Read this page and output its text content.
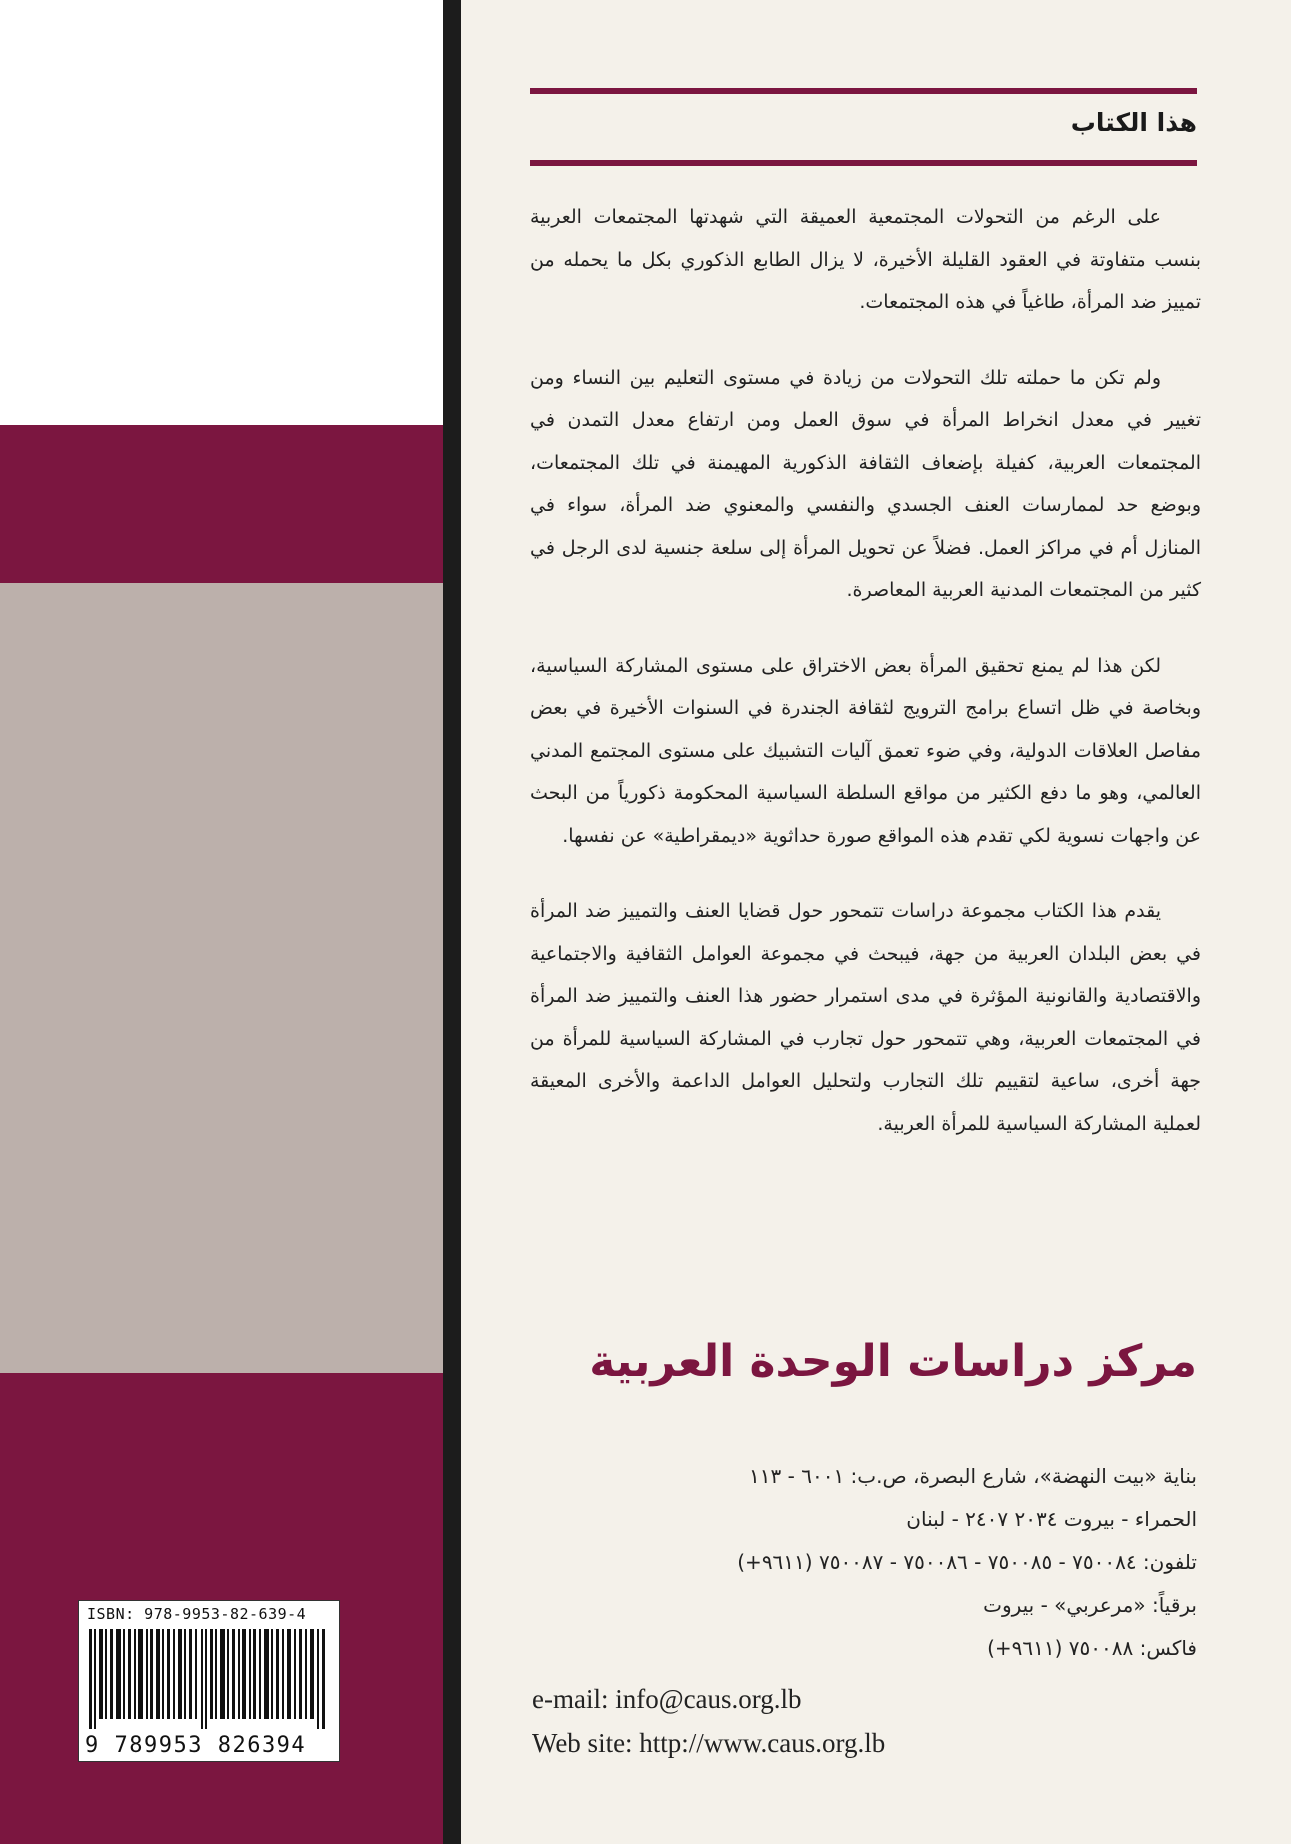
ISBN: 978-9953-82-639-4
9 789953 826394
هذا الكتاب

على الرغم من التحولات المجتمعية العميقة التي شهدتها المجتمعات العربية بنسب متفاوتة في العقود القليلة الأخيرة، لا يزال الطابع الذكوري بكل ما يحمله من تمييز ضد المرأة، طاغياً في هذه المجتمعات.

ولم تكن ما حملته تلك التحولات من زيادة في مستوى التعليم بين النساء ومن تغيير في معدل انخراط المرأة في سوق العمل ومن ارتفاع معدل التمدن في المجتمعات العربية، كفيلة بإضعاف الثقافة الذكورية المهيمنة في تلك المجتمعات، وبوضع حد لممارسات العنف الجسدي والنفسي والمعنوي ضد المرأة، سواء في المنازل أم في مراكز العمل. فضلاً عن تحويل المرأة إلى سلعة جنسية لدى الرجل في كثير من المجتمعات المدنية العربية المعاصرة.

لكن هذا لم يمنع تحقيق المرأة بعض الاختراق على مستوى المشاركة السياسية، وبخاصة في ظل اتساع برامج الترويج لثقافة الجندرة في السنوات الأخيرة في بعض مفاصل العلاقات الدولية، وفي ضوء تعمق آليات التشبيك على مستوى المجتمع المدني العالمي، وهو ما دفع الكثير من مواقع السلطة السياسية المحكومة ذكورياً من البحث عن واجهات نسوية لكي تقدم هذه المواقع صورة حداثوية «ديمقراطية» عن نفسها.

يقدم هذا الكتاب مجموعة دراسات تتمحور حول قضايا العنف والتمييز ضد المرأة في بعض البلدان العربية من جهة، فيبحث في مجموعة العوامل الثقافية والاجتماعية والاقتصادية والقانونية المؤثرة في مدى استمرار حضور هذا العنف والتمييز ضد المرأة في المجتمعات العربية، وهي تتمحور حول تجارب في المشاركة السياسية للمرأة من جهة أخرى، ساعية لتقييم تلك التجارب ولتحليل العوامل الداعمة والأخرى المعيقة لعملية المشاركة السياسية للمرأة العربية.

مركز دراسات الوحدة العربية
بناية «بيت النهضة»، شارع البصرة، ص.ب: ٦٠٠١ - ١١٣
الحمراء - بيروت ٢٠٣٤ ٢٤٠٧ - لبنان
تلفون: ٧٥٠٠٨٤ - ٧٥٠٠٨٥ - ٧٥٠٠٨٦ - ٧٥٠٠٨٧ (٩٦١١+)
برقياً: «مرعربي» - بيروت
فاكس: ٧٥٠٠٨٨ (٩٦١١+)
e-mail: info@caus.org.lb
Web site: http://www.caus.org.lb
